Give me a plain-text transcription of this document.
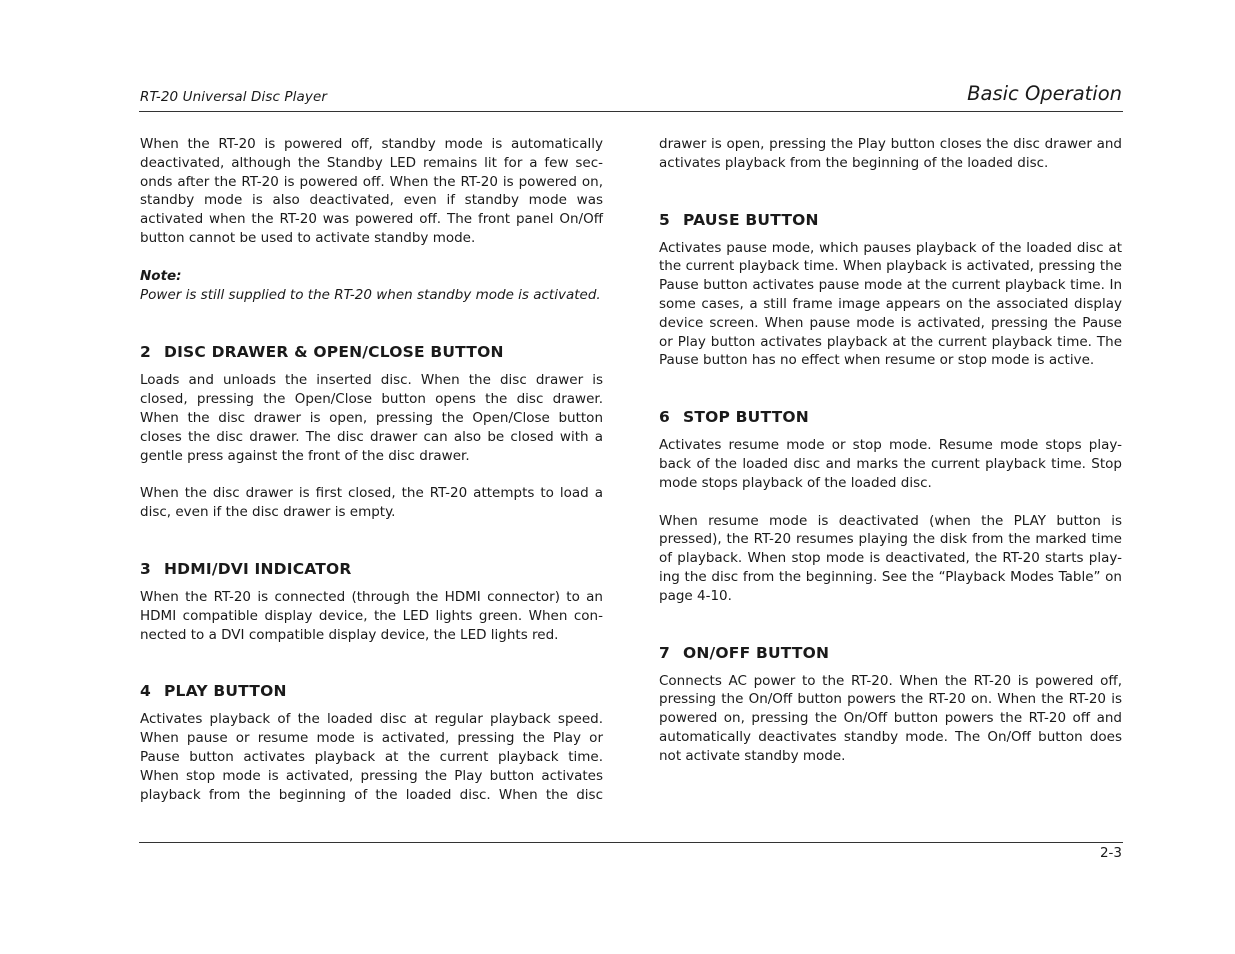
RT-20 Universal Disc Player	Basic Operation

When the RT-20 is powered off, standby mode is automatically deactivated, although the Standby LED remains lit for a few sec-onds after the RT-20 is powered off. When the RT-20 is powered on, standby mode is also deactivated, even if standby mode was activated when the RT-20 was powered off. The front panel On/Off button cannot be used to activate standby mode.

Note:

Power is still supplied to the RT-20 when standby mode is activated.

2 DISC DRAWER & OPEN/CLOSE BUTTON

Loads and unloads the inserted disc. When the disc drawer is closed, pressing the Open/Close button opens the disc drawer. When the disc drawer is open, pressing the Open/Close button closes the disc drawer. The disc drawer can also be closed with a gentle press against the front of the disc drawer.

When the disc drawer is first closed, the RT-20 attempts to load a disc, even if the disc drawer is empty.

3 HDMI/DVI INDICATOR

When the RT-20 is connected (through the HDMI connector) to an HDMI compatible display device, the LED lights green. When con-nected to a DVI compatible display device, the LED lights red.

4 PLAY BUTTON

Activates playback of the loaded disc at regular playback speed. When pause or resume mode is activated, pressing the Play or Pause button activates playback at the current playback time. When stop mode is activated, pressing the Play button activates playback from the beginning of the loaded disc. When the disc

drawer is open, pressing the Play button closes the disc drawer and activates playback from the beginning of the loaded disc.

5 PAUSE BUTTON

Activates pause mode, which pauses playback of the loaded disc at the current playback time. When playback is activated, pressing the Pause button activates pause mode at the current playback time. In some cases, a still frame image appears on the associated display device screen. When pause mode is activated, pressing the Pause or Play button activates playback at the current playback time. The Pause button has no effect when resume or stop mode is active.

6 STOP BUTTON

Activates resume mode or stop mode. Resume mode stops play-back of the loaded disc and marks the current playback time. Stop mode stops playback of the loaded disc.

When resume mode is deactivated (when the PLAY button is pressed), the RT-20 resumes playing the disk from the marked time of playback. When stop mode is deactivated, the RT-20 starts play-ing the disc from the beginning. See the “Playback Modes Table” on page 4-10.

7 ON/OFF BUTTON

Connects AC power to the RT-20. When the RT-20 is powered off, pressing the On/Off button powers the RT-20 on. When the RT-20 is powered on, pressing the On/Off button powers the RT-20 off and automatically deactivates standby mode. The On/Off button does not activate standby mode.

2-3
